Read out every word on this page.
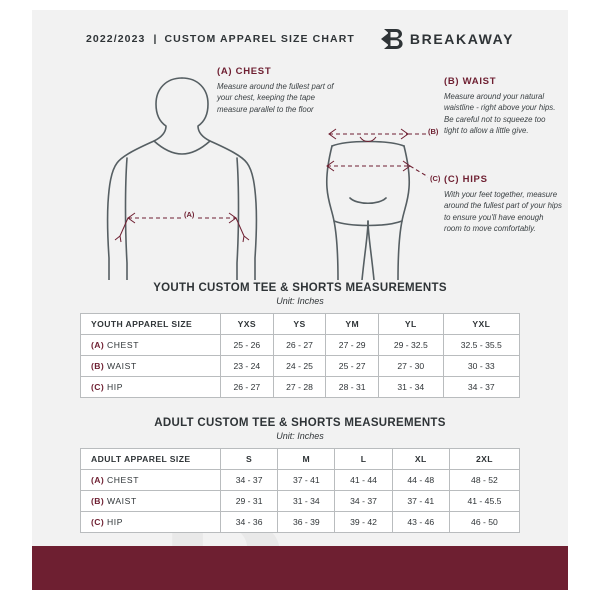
2022/2023 | CUSTOM APPAREL SIZE CHART	BREAKAWAY
(A)
(B)
(C)
(A) CHEST
Measure around the fullest part of your chest, keeping the tape measure parallel to the floor
(B) WAIST
Measure around your natural waistline - right above your hips. Be careful not to squeeze too tight to allow a little give.
(C) HIPS
With your feet together, measure around the fullest part of your hips to ensure you'll have enough room to move comfortably.
YOUTH CUSTOM TEE & SHORTS MEASUREMENTS
Unit: Inches
YOUTH APPAREL SIZE	YXS	YS	YM	YL	YXL
(A) CHEST	25 - 26	26 - 27	27 - 29	29 - 32.5	32.5 - 35.5
(B) WAIST	23 - 24	24 - 25	25 - 27	27 - 30	30 - 33
(C) HIP	26 - 27	27 - 28	28 - 31	31 - 34	34 - 37
ADULT CUSTOM TEE & SHORTS MEASUREMENTS
Unit: Inches
ADULT APPAREL SIZE	S	M	L	XL	2XL
(A) CHEST	34 - 37	37 - 41	41 - 44	44 - 48	48 - 52
(B) WAIST	29 - 31	31 - 34	34 - 37	37 - 41	41 - 45.5
(C) HIP	34 - 36	36 - 39	39 - 42	43 - 46	46 - 50
